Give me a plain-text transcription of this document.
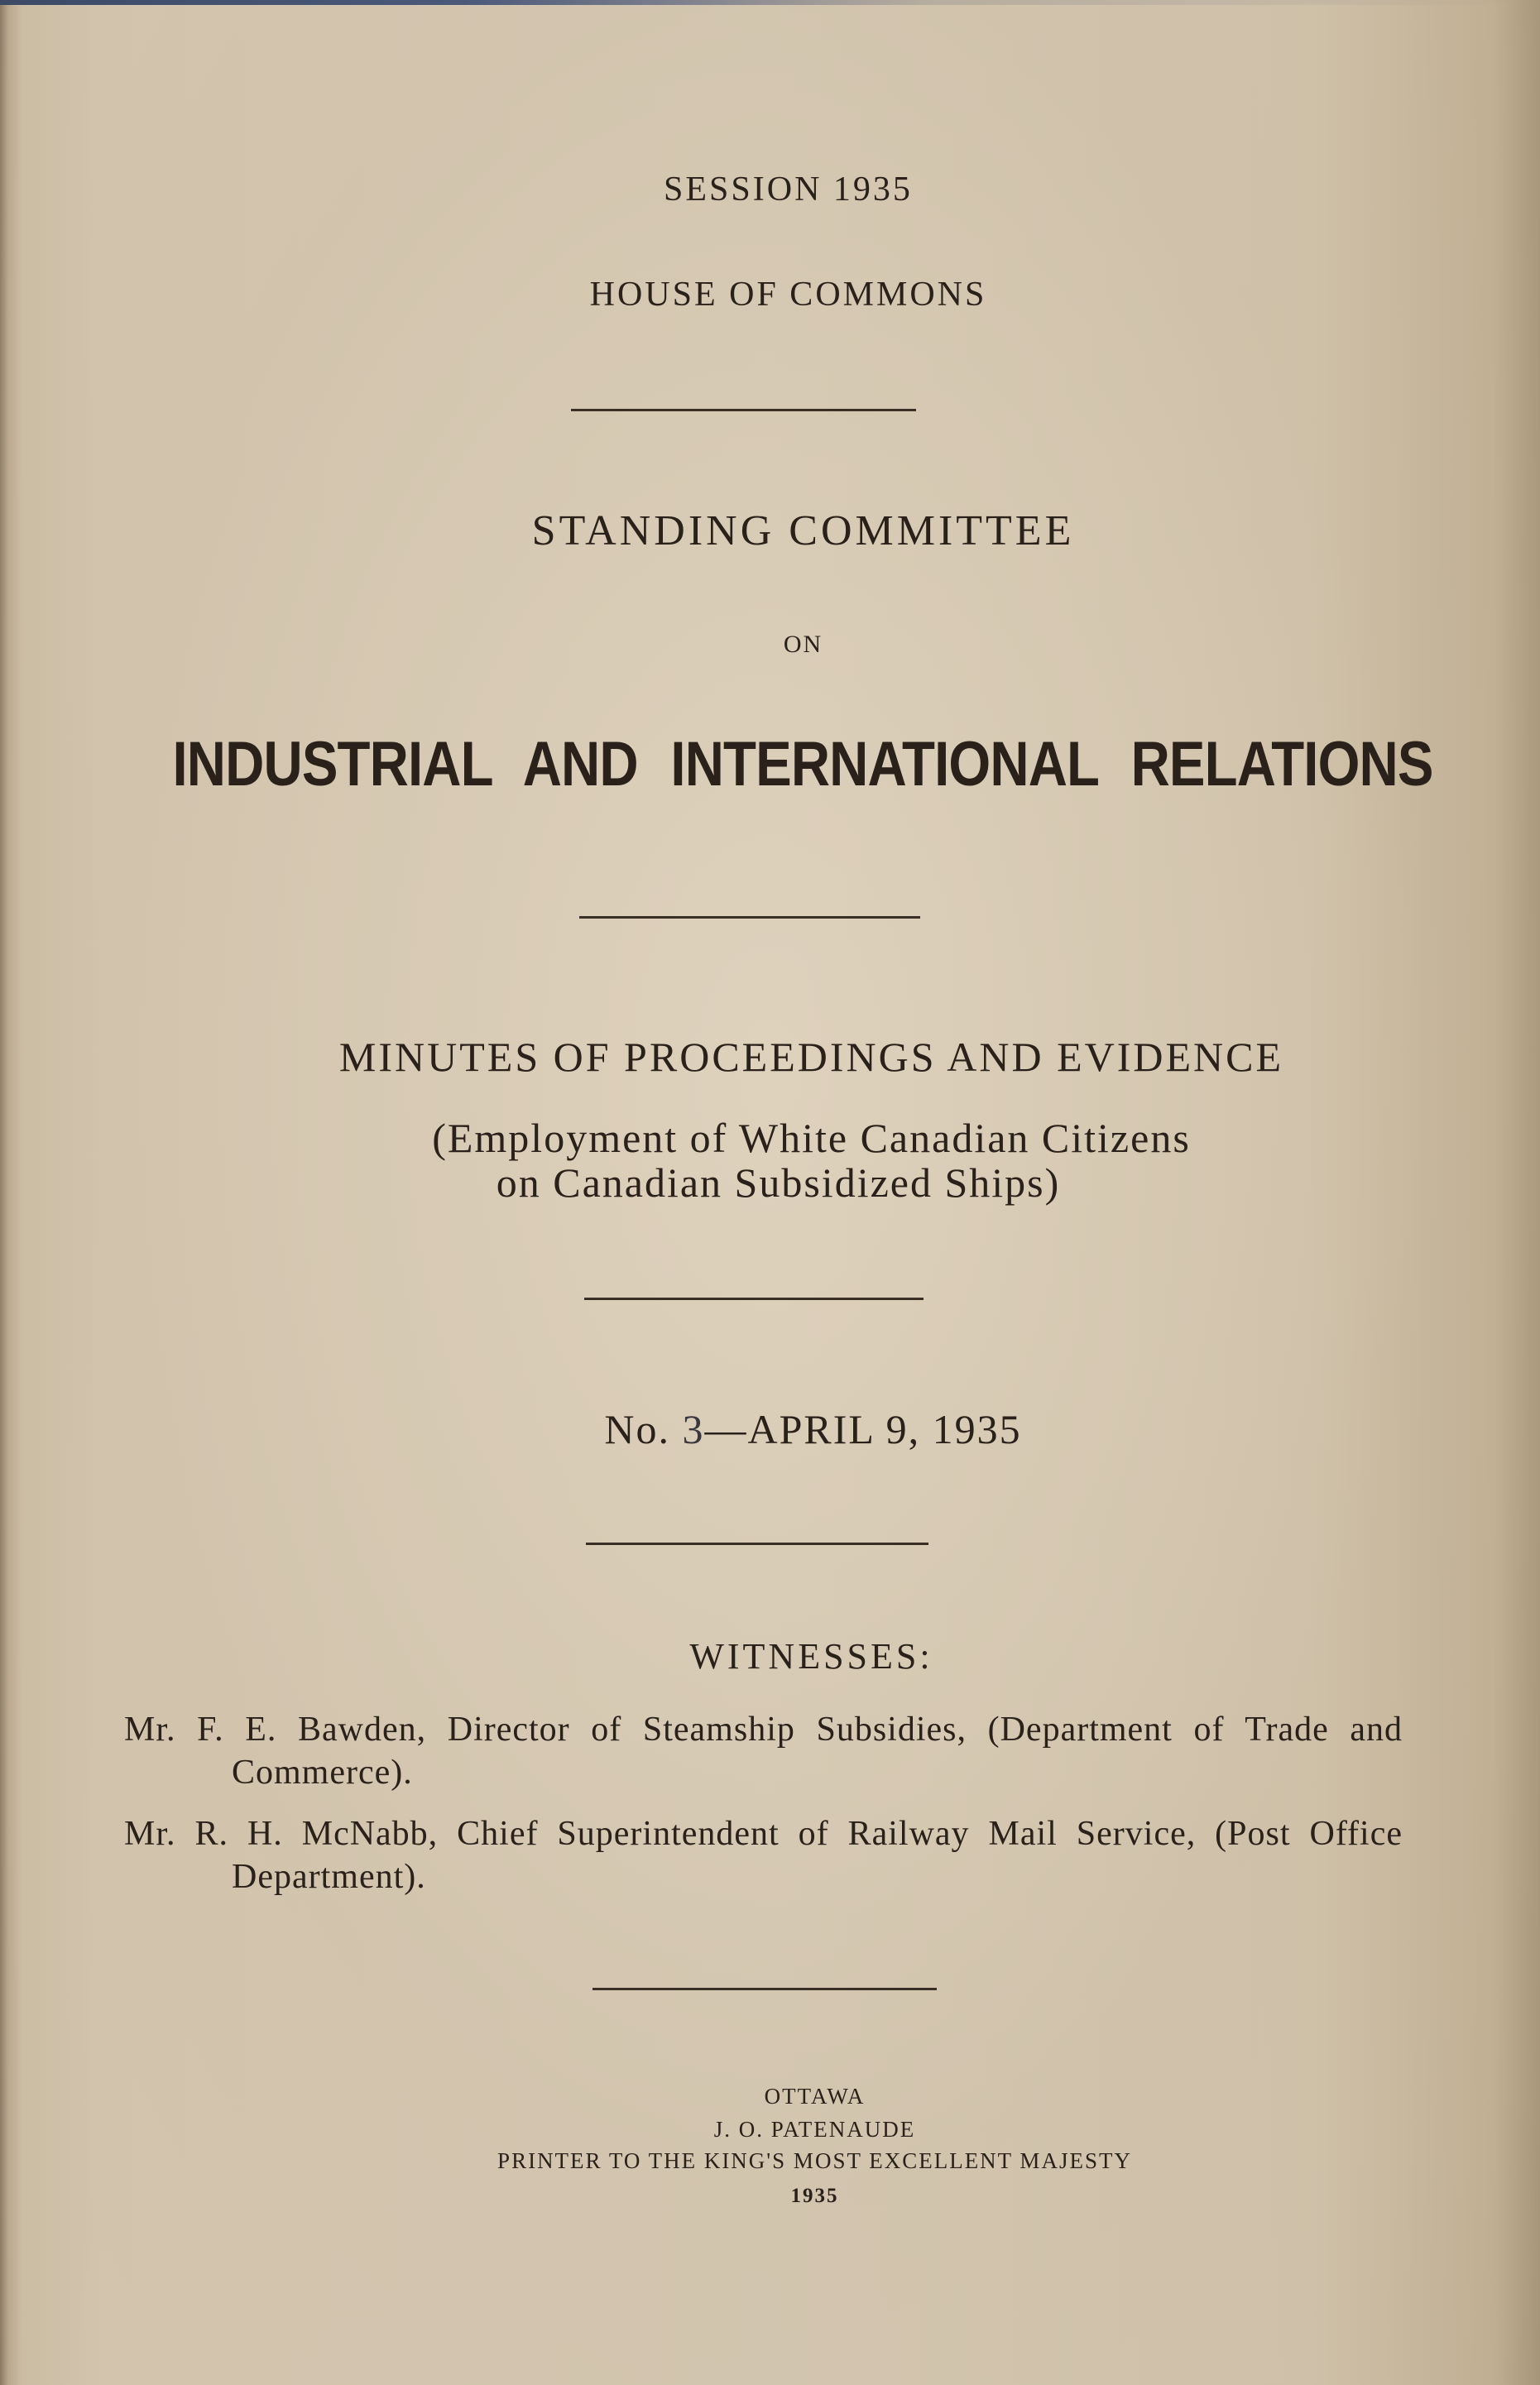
SESSION 1935
HOUSE OF COMMONS
STANDING COMMITTEE
ON
INDUSTRIAL AND INTERNATIONAL RELATIONS
MINUTES OF PROCEEDINGS AND EVIDENCE
(Employment of White Canadian Citizens
on Canadian Subsidized Ships)
No. 3—APRIL 9, 1935
WITNESSES:
Mr. F. E. Bawden, Director of Steamship Subsidies, (Department of Trade and Commerce).
Mr. R. H. McNabb, Chief Superintendent of Railway Mail Service, (Post Office Department).
OTTAWA
J. O. PATENAUDE
PRINTER TO THE KING'S MOST EXCELLENT MAJESTY
1935
